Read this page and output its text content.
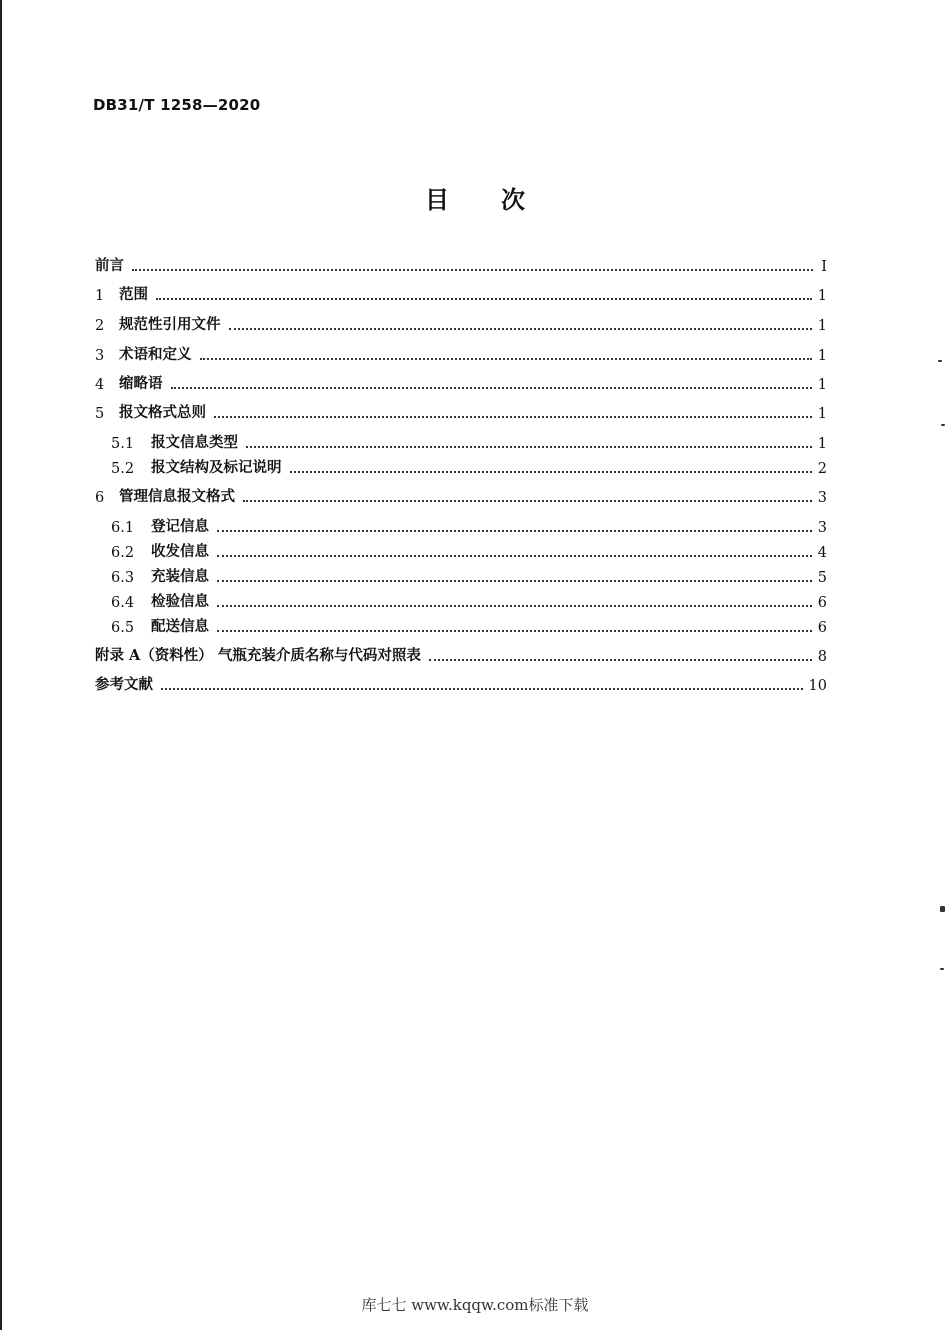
DB31/T 1258—2020
目 次
前言	I
1	范围	1
2	规范性引用文件	1
3	术语和定义	1
4	缩略语	1
5	报文格式总则	1
5.1	报文信息类型	1
5.2	报文结构及标记说明	2
6	管理信息报文格式	3
6.1	登记信息	3
6.2	收发信息	4
6.3	充装信息	5
6.4	检验信息	6
6.5	配送信息	6
附录 A（资料性） 气瓶充装介质名称与代码对照表	8
参考文献	10
库七七 www.kqqw.com标准下载
